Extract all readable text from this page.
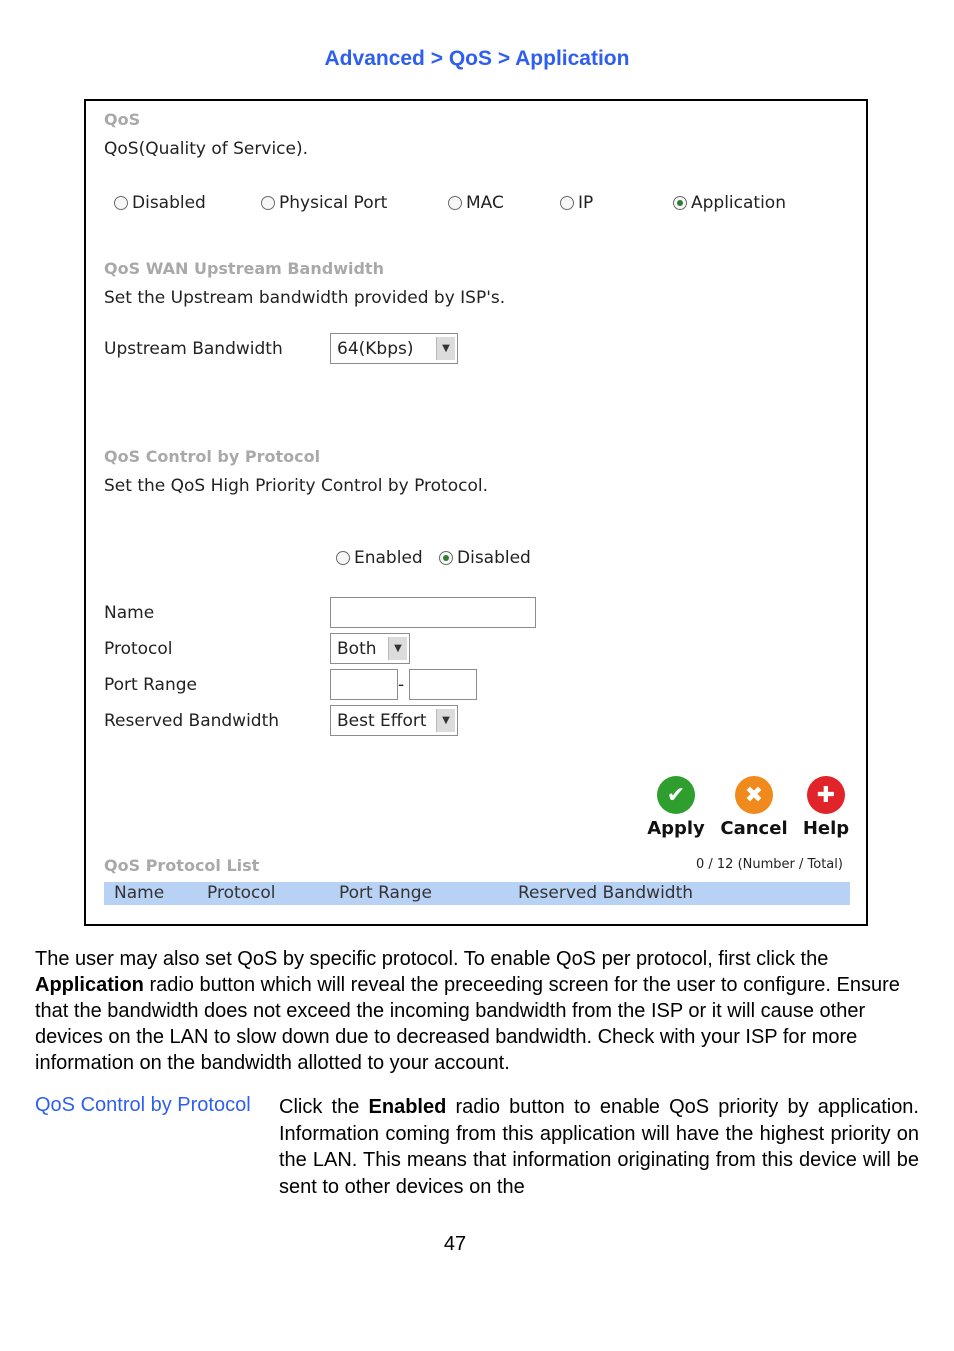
Advanced > QoS > Application
QoS
QoS(Quality of Service).
Disabled	Physical Port	MAC	IP	Application
QoS WAN Upstream Bandwidth
Set the Upstream bandwidth provided by ISP's.
Upstream Bandwidth	64(Kbps)	▼
QoS Control by Protocol
Set the QoS High Priority Control by Protocol.
Enabled Disabled
Name
Protocol	Both	▼
Port Range	-
Reserved Bandwidth	Best Effort	▼
✔
Apply
✖
Cancel
✚
Help
QoS Protocol List	0 / 12 (Number / Total)
Name	Protocol	Port Range	Reserved Bandwidth
The user may also set QoS by specific protocol. To enable QoS per protocol, first click the Application radio button which will reveal the preceeding screen for the user to configure. Ensure that the bandwidth does not exceed the incoming bandwidth from the ISP or it will cause other devices on the LAN to slow down due to decreased bandwidth. Check with your ISP for more information on the bandwidth allotted to your account.
QoS Control by Protocol Click the Enabled radio button to enable QoS priority by application. Information coming from this application will have the highest priority on the LAN. This means that information originating from this device will be sent to other devices on the
47
